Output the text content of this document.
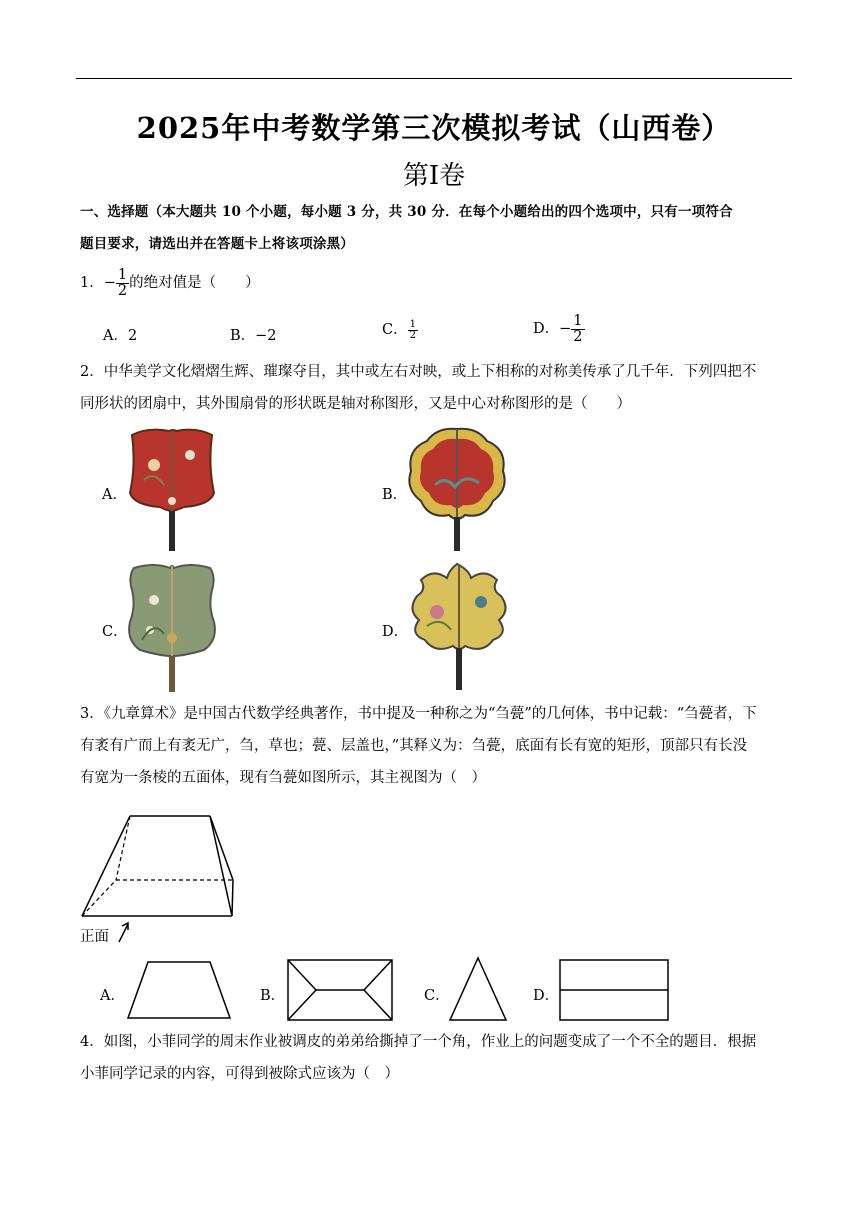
2025年中考数学第三次模拟考试（山西卷）
第I卷
一、选择题（本大题共 10 个小题，每小题 3 分，共 30 分．在每个小题给出的四个选项中，只有一项符合
题目要求，请选出并在答题卡上将该项涂黑）
1．− $\frac{1}{2}$ 的绝对值是（　　）
A．2	B．−2	C． $\frac{1}{2}$	D．− $\frac{1}{2}$
2．中华美学文化熠熠生辉、璀璨夺目，其中或左右对映，或上下相称的对称美传承了几千年．下列四把不
同形状的团扇中，其外围扇骨的形状既是轴对称图形，又是中心对称图形的是（　　）
A．	B．
C．	D．
3．《九章算术》是中国古代数学经典著作，书中提及一种称之为“刍甍”的几何体，书中记载：“刍甍者，下
有袤有广而上有袤无广，刍，草也；甍、层盖也，”其释义为：刍甍，底面有长有宽的矩形，顶部只有长没
有宽为一条棱的五面体，现有刍甍如图所示，其主视图为（　）
正面
A．	B．	C．	D．
4．如图，小菲同学的周末作业被调皮的弟弟给撕掉了一个角，作业上的问题变成了一个不全的题目．根据
小菲同学记录的内容，可得到被除式应该为（　）
